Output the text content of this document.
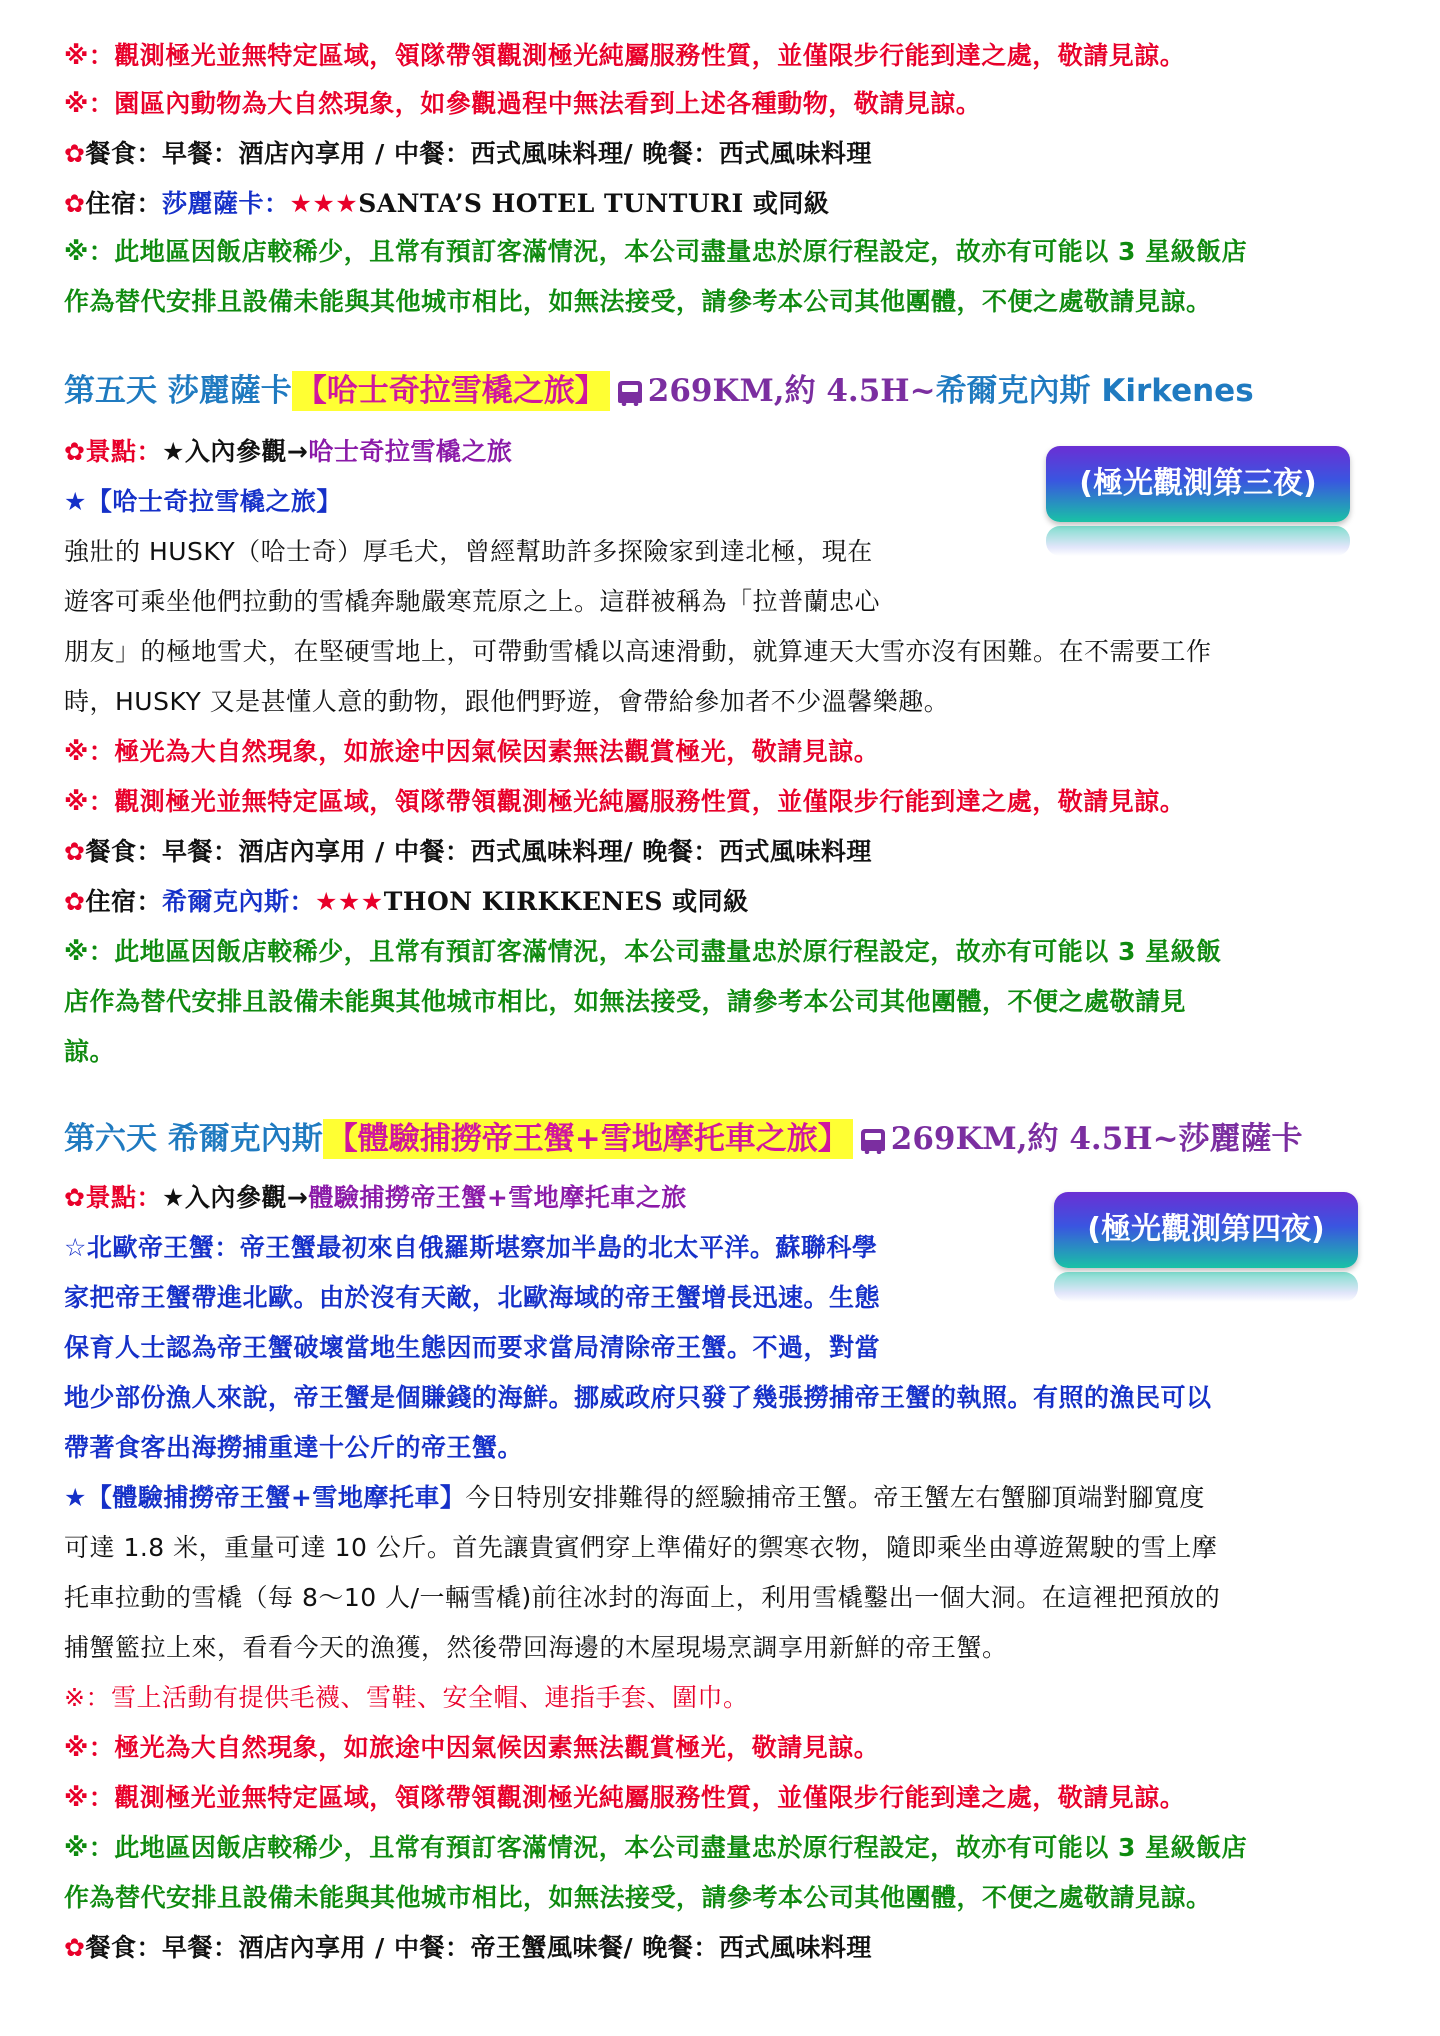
※：觀測極光並無特定區域，領隊帶領觀測極光純屬服務性質，並僅限步行能到達之處，敬請見諒。
※：園區內動物為大自然現象，如參觀過程中無法看到上述各種動物，敬請見諒。
✿餐食：早餐：酒店內享用 / 中餐：西式風味料理/ 晚餐：西式風味料理
✿住宿：莎麗薩卡：★★★SANTA’S HOTEL TUNTURI 或同級
※：此地區因飯店較稀少，且常有預訂客滿情況，本公司盡量忠於原行程設定，故亦有可能以 3 星級飯店
作為替代安排且設備未能與其他城市相比，如無法接受，請參考本公司其他團體，不便之處敬請見諒。
第五天 莎麗薩卡 【哈士奇拉雪橇之旅】 269KM,約 4.5H~希爾克內斯 Kirkenes
(極光觀測第三夜)
✿景點：★入內參觀→哈士奇拉雪橇之旅
★【哈士奇拉雪橇之旅】
強壯的 HUSKY（哈士奇）厚毛犬，曾經幫助許多探險家到達北極，現在
遊客可乘坐他們拉動的雪橇奔馳嚴寒荒原之上。這群被稱為「拉普蘭忠心
朋友」的極地雪犬，在堅硬雪地上，可帶動雪橇以高速滑動，就算連天大雪亦沒有困難。在不需要工作
時，HUSKY 又是甚懂人意的動物，跟他們野遊，會帶給參加者不少溫馨樂趣。
※：極光為大自然現象，如旅途中因氣候因素無法觀賞極光，敬請見諒。
※：觀測極光並無特定區域，領隊帶領觀測極光純屬服務性質，並僅限步行能到達之處，敬請見諒。
✿餐食：早餐：酒店內享用 / 中餐：西式風味料理/ 晚餐：西式風味料理
✿住宿：希爾克內斯：★★★THON KIRKKENES 或同級
※：此地區因飯店較稀少，且常有預訂客滿情況，本公司盡量忠於原行程設定，故亦有可能以 3 星級飯
店作為替代安排且設備未能與其他城市相比，如無法接受，請參考本公司其他團體，不便之處敬請見
諒。
第六天 希爾克內斯 【體驗捕撈帝王蟹+雪地摩托車之旅】 269KM,約 4.5H~莎麗薩卡
(極光觀測第四夜)
✿景點：★入內參觀→體驗捕撈帝王蟹+雪地摩托車之旅
☆北歐帝王蟹：帝王蟹最初來自俄羅斯堪察加半島的北太平洋。蘇聯科學
家把帝王蟹帶進北歐。由於沒有天敵，北歐海域的帝王蟹增長迅速。生態
保育人士認為帝王蟹破壞當地生態因而要求當局清除帝王蟹。不過，對當
地少部份漁人來說，帝王蟹是個賺錢的海鮮。挪威政府只發了幾張撈捕帝王蟹的執照。有照的漁民可以
帶著食客出海撈捕重達十公斤的帝王蟹。
★【體驗捕撈帝王蟹+雪地摩托車】今日特別安排難得的經驗捕帝王蟹。帝王蟹左右蟹腳頂端對腳寬度
可達 1.8 米，重量可達 10 公斤。首先讓貴賓們穿上準備好的禦寒衣物，隨即乘坐由導遊駕駛的雪上摩
托車拉動的雪橇（每 8～10 人/一輛雪橇)前往冰封的海面上，利用雪橇鑿出一個大洞。在這裡把預放的
捕蟹籃拉上來，看看今天的漁獲，然後帶回海邊的木屋現場烹調享用新鮮的帝王蟹。
※：雪上活動有提供毛襪、雪鞋、安全帽、連指手套、圍巾。
※：極光為大自然現象，如旅途中因氣候因素無法觀賞極光，敬請見諒。
※：觀測極光並無特定區域，領隊帶領觀測極光純屬服務性質，並僅限步行能到達之處，敬請見諒。
※：此地區因飯店較稀少，且常有預訂客滿情況，本公司盡量忠於原行程設定，故亦有可能以 3 星級飯店
作為替代安排且設備未能與其他城市相比，如無法接受，請參考本公司其他團體，不便之處敬請見諒。
✿餐食：早餐：酒店內享用 / 中餐：帝王蟹風味餐/ 晚餐：西式風味料理
